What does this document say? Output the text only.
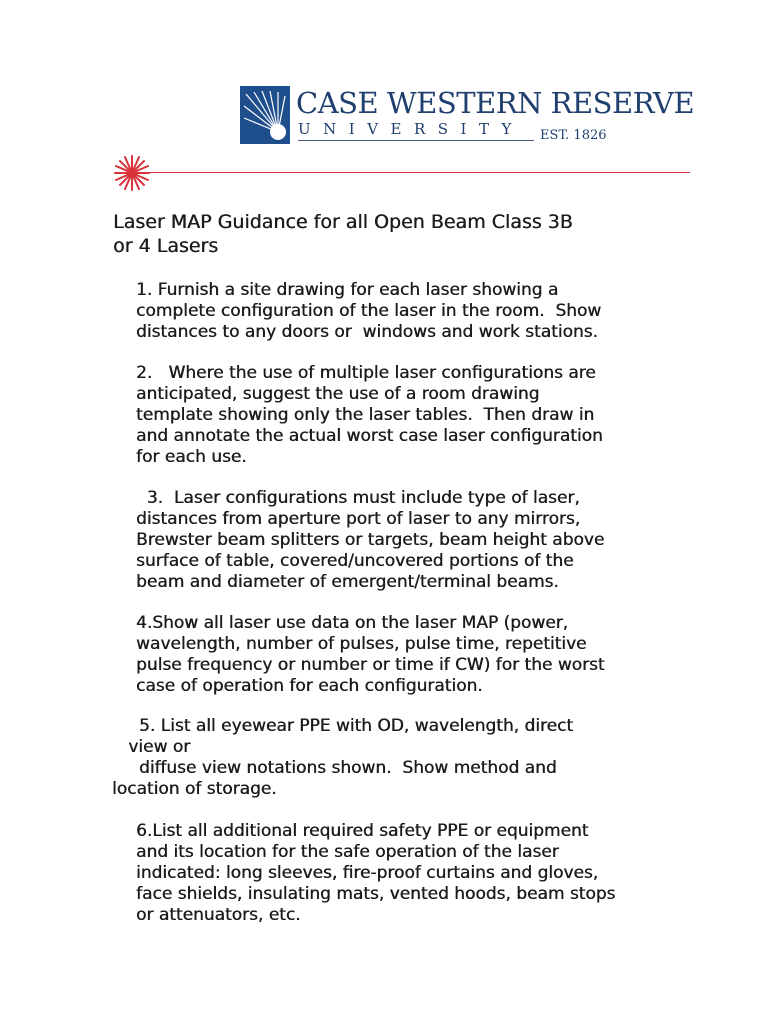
CASE WESTERN RESERVE
UNIVERSITY EST. 1826
Laser MAP Guidance for all Open Beam Class 3B
or 4 Lasers

1. Furnish a site drawing for each laser showing a
complete configuration of the laser in the room.  Show
distances to any doors or  windows and work stations.

2.   Where the use of multiple laser configurations are
anticipated, suggest the use of a room drawing
template showing only the laser tables.  Then draw in
and annotate the actual worst case laser configuration
for each use.

3.  Laser configurations must include type of laser,
distances from aperture port of laser to any mirrors,
Brewster beam splitters or targets, beam height above
surface of table, covered/uncovered portions of the
beam and diameter of emergent/terminal beams.

4.Show all laser use data on the laser MAP (power,
wavelength, number of pulses, pulse time, repetitive
pulse frequency or number or time if CW) for the worst
case of operation for each configuration.

5. List all eyewear PPE with OD, wavelength, direct
view or
diffuse view notations shown.  Show method and
location of storage.

6.List all additional required safety PPE or equipment
and its location for the safe operation of the laser
indicated: long sleeves, fire-proof curtains and gloves,
face shields, insulating mats, vented hoods, beam stops
or attenuators, etc.
